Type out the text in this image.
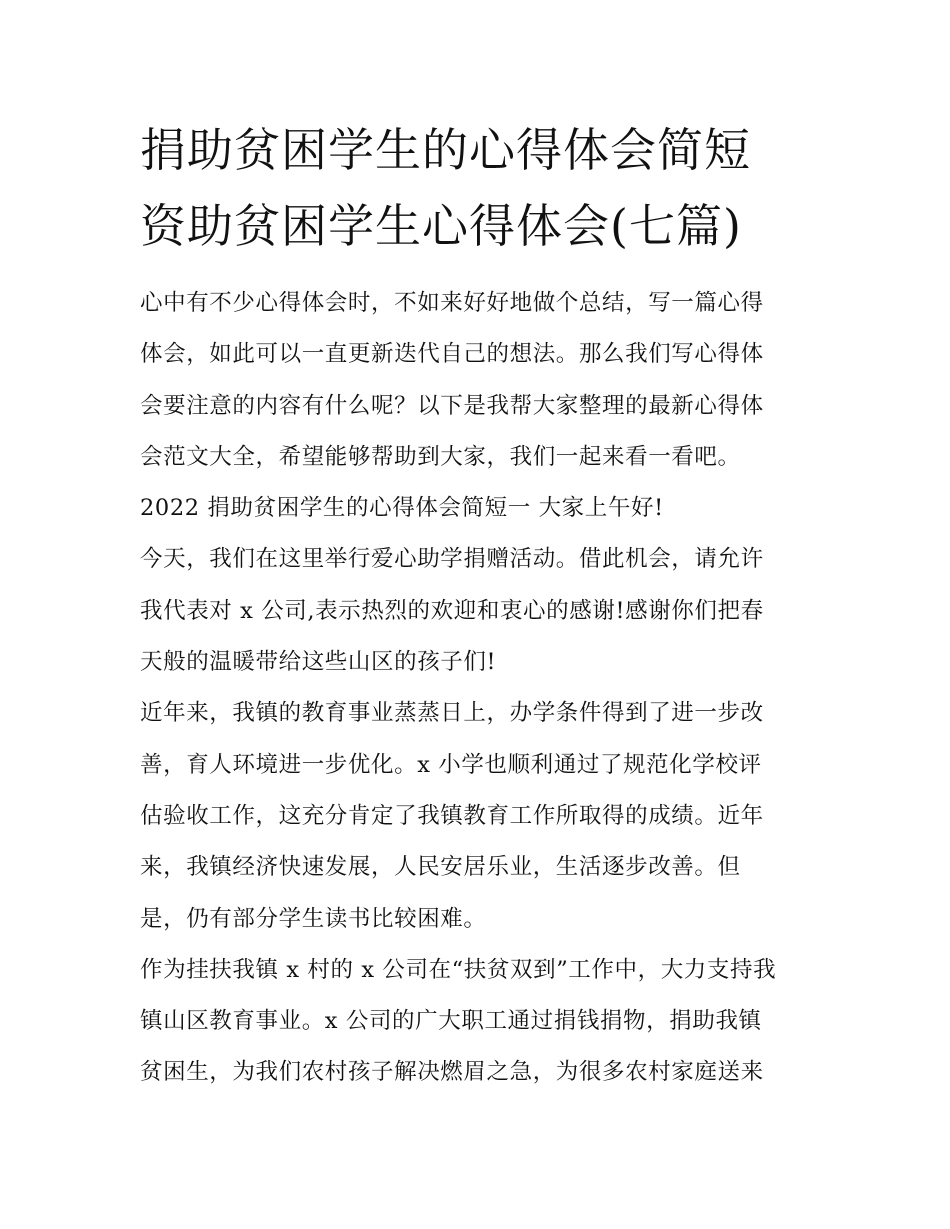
捐助贫困学生的心得体会简短
资助贫困学生心得体会(七篇)
心中有不少心得体会时，不如来好好地做个总结，写一篇心得
体会，如此可以一直更新迭代自己的想法。那么我们写心得体
会要注意的内容有什么呢？以下是我帮大家整理的最新心得体
会范文大全，希望能够帮助到大家，我们一起来看一看吧。
2022 捐助贫困学生的心得体会简短一 大家上午好!
今天，我们在这里举行爱心助学捐赠活动。借此机会，请允许
我代表对 x 公司,表示热烈的欢迎和衷心的感谢!感谢你们把春
天般的温暖带给这些山区的孩子们!
近年来，我镇的教育事业蒸蒸日上，办学条件得到了进一步改
善，育人环境进一步优化。x 小学也顺利通过了规范化学校评
估验收工作，这充分肯定了我镇教育工作所取得的成绩。近年
来，我镇经济快速发展，人民安居乐业，生活逐步改善。但
是，仍有部分学生读书比较困难。
作为挂扶我镇 x 村的 x 公司在“扶贫双到”工作中，大力支持我
镇山区教育事业。x 公司的广大职工通过捐钱捐物，捐助我镇
贫困生，为我们农村孩子解决燃眉之急，为很多农村家庭送来
